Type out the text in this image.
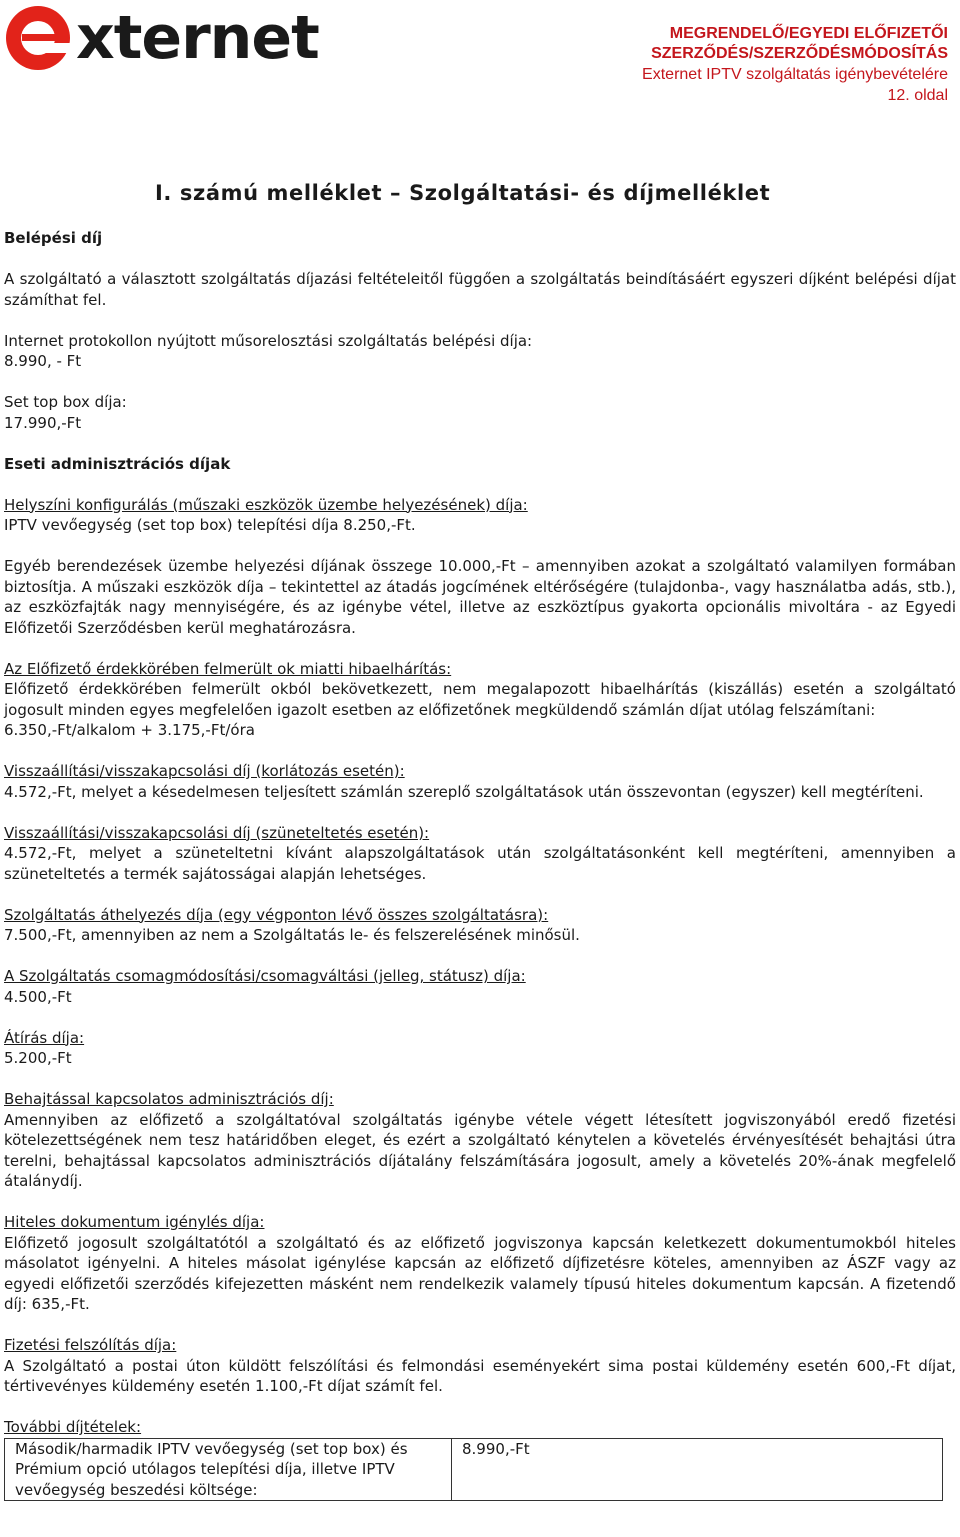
xternet	MEGRENDELŐ/EGYEDI ELŐFIZETŐI

SZERZŐDÉS/SZERZŐDÉSMÓDOSÍTÁS

Externet IPTV szolgáltatás igénybevételére

12. oldal

I. számú melléklet – Szolgáltatási- és díjmelléklet

Belépési díj

A szolgáltató a választott szolgáltatás díjazási feltételeitől függően a szolgáltatás beindításáért egyszeri díjként belépési díjat számíthat fel.

Internet protokollon nyújtott műsorelosztási szolgáltatás belépési díja:

8.990, - Ft

Set top box díja:

17.990,-Ft

Eseti adminisztrációs díjak

Helyszíni konfigurálás (műszaki eszközök üzembe helyezésének) díja:

IPTV vevőegység (set top box) telepítési díja 8.250,-Ft.

Egyéb berendezések üzembe helyezési díjának összege 10.000,-Ft – amennyiben azokat a szolgáltató valamilyen formában biztosítja. A műszaki eszközök díja – tekintettel az átadás jogcímének eltérőségére (tulajdonba-, vagy használatba adás, stb.), az eszközfajták nagy mennyiségére, és az igénybe vétel, illetve az eszköztípus gyakorta opcionális mivoltára - az Egyedi Előfizetői Szerződésben kerül meghatározásra.

Az Előfizető érdekkörében felmerült ok miatti hibaelhárítás:

Előfizető érdekkörében felmerült okból bekövetkezett, nem megalapozott hibaelhárítás (kiszállás) esetén a szolgáltató jogosult minden egyes megfelelően igazolt esetben az előfizetőnek megküldendő számlán díjat utólag felszámítani:

6.350,-Ft/alkalom + 3.175,-Ft/óra

Visszaállítási/visszakapcsolási díj (korlátozás esetén):

4.572,-Ft, melyet a késedelmesen teljesített számlán szereplő szolgáltatások után összevontan (egyszer) kell megtéríteni.

Visszaállítási/visszakapcsolási díj (szüneteltetés esetén):

4.572,-Ft, melyet a szüneteltetni kívánt alapszolgáltatások után szolgáltatásonként kell megtéríteni, amennyiben a szüneteltetés a termék sajátosságai alapján lehetséges.

Szolgáltatás áthelyezés díja (egy végponton lévő összes szolgáltatásra):

7.500,-Ft, amennyiben az nem a Szolgáltatás le- és felszerelésének minősül.

A Szolgáltatás csomagmódosítási/csomagváltási (jelleg, státusz) díja:

4.500,-Ft

Átírás díja:

5.200,-Ft

Behajtással kapcsolatos adminisztrációs díj:

Amennyiben az előfizető a szolgáltatóval szolgáltatás igénybe vétele végett létesített jogviszonyából eredő fizetési kötelezettségének nem tesz határidőben eleget, és ezért a szolgáltató kénytelen a követelés érvényesítését behajtási útra terelni, behajtással kapcsolatos adminisztrációs díjátalány felszámítására jogosult, amely a követelés 20%-ának megfelelő átalánydíj.

Hiteles dokumentum igénylés díja:

Előfizető jogosult szolgáltatótól a szolgáltató és az előfizető jogviszonya kapcsán keletkezett dokumentumokból hiteles másolatot igényelni. A hiteles másolat igénylése kapcsán az előfizető díjfizetésre köteles, amennyiben az ÁSZF vagy az egyedi előfizetői szerződés kifejezetten másként nem rendelkezik valamely típusú hiteles dokumentum kapcsán. A fizetendő díj: 635,-Ft.

Fizetési felszólítás díja:

A Szolgáltató a postai úton küldött felszólítási és felmondási eseményekért sima postai küldemény esetén 600,-Ft díjat, tértivevényes küldemény esetén 1.100,-Ft díjat számít fel.

További díjtételek:

Második/harmadik IPTV vevőegység (set top box) és Prémium opció utólagos telepítési díja, illetve IPTV vevőegység beszedési költsége:	8.990,-Ft
